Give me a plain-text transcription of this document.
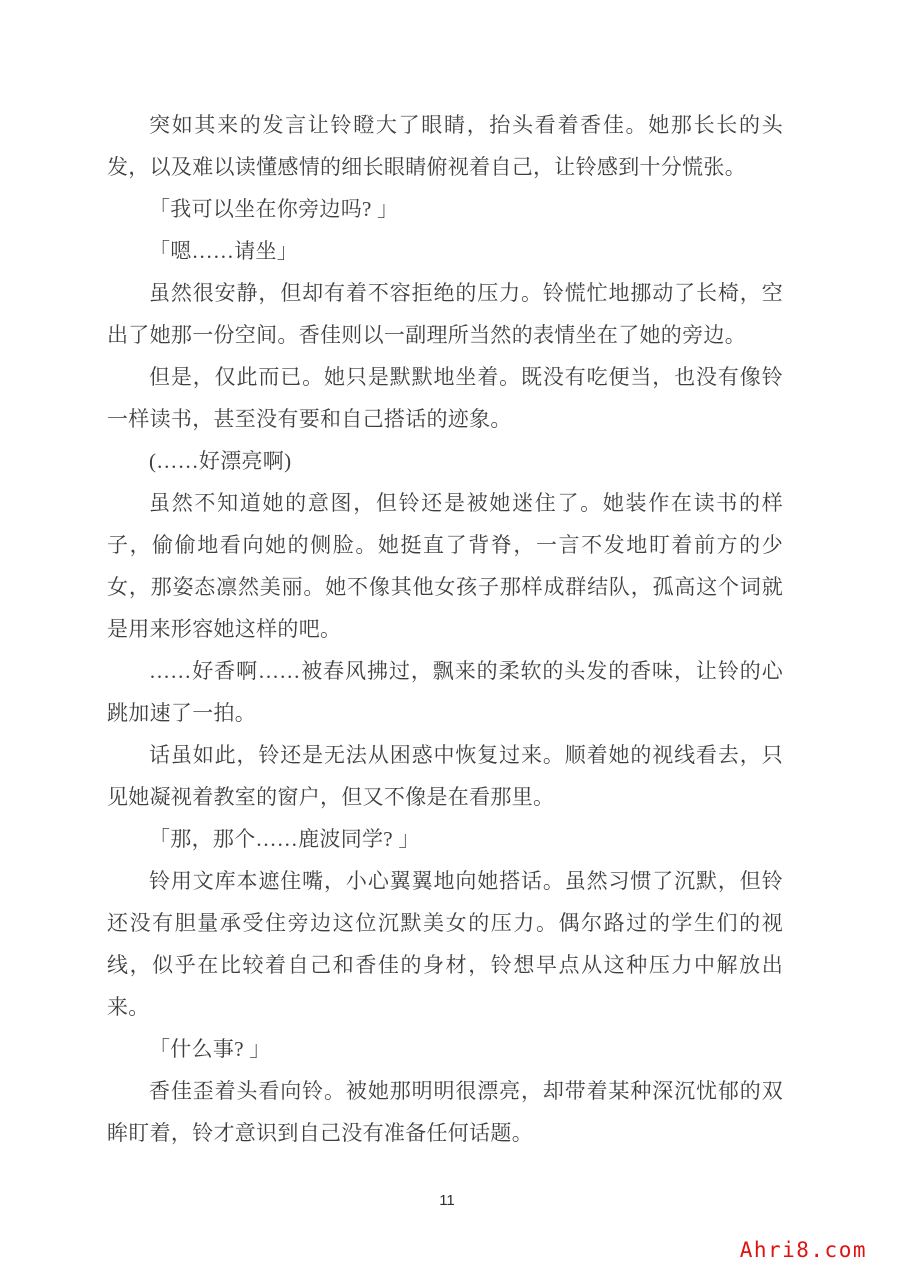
突如其来的发言让铃瞪大了眼睛，抬头看着香佳。她那长长的头发，以及难以读懂感情的细长眼睛俯视着自己，让铃感到十分慌张。

「我可以坐在你旁边吗? 」

「嗯……请坐」

虽然很安静，但却有着不容拒绝的压力。铃慌忙地挪动了长椅，空出了她那一份空间。香佳则以一副理所当然的表情坐在了她的旁边。

但是，仅此而已。她只是默默地坐着。既没有吃便当，也没有像铃一样读书，甚至没有要和自己搭话的迹象。

(……好漂亮啊)

虽然不知道她的意图，但铃还是被她迷住了。她装作在读书的样子，偷偷地看向她的侧脸。她挺直了背脊，一言不发地盯着前方的少女，那姿态凛然美丽。她不像其他女孩子那样成群结队，孤高这个词就是用来形容她这样的吧。

……好香啊……被春风拂过，飘来的柔软的头发的香味，让铃的心跳加速了一拍。

话虽如此，铃还是无法从困惑中恢复过来。顺着她的视线看去，只见她凝视着教室的窗户，但又不像是在看那里。

「那，那个……鹿波同学? 」

铃用文库本遮住嘴，小心翼翼地向她搭话。虽然习惯了沉默，但铃还没有胆量承受住旁边这位沉默美女的压力。偶尔路过的学生们的视线，似乎在比较着自己和香佳的身材，铃想早点从这种压力中解放出来。

「什么事? 」

香佳歪着头看向铃。被她那明明很漂亮，却带着某种深沉忧郁的双眸盯着，铃才意识到自己没有准备任何话题。

11
Ahri8.com
